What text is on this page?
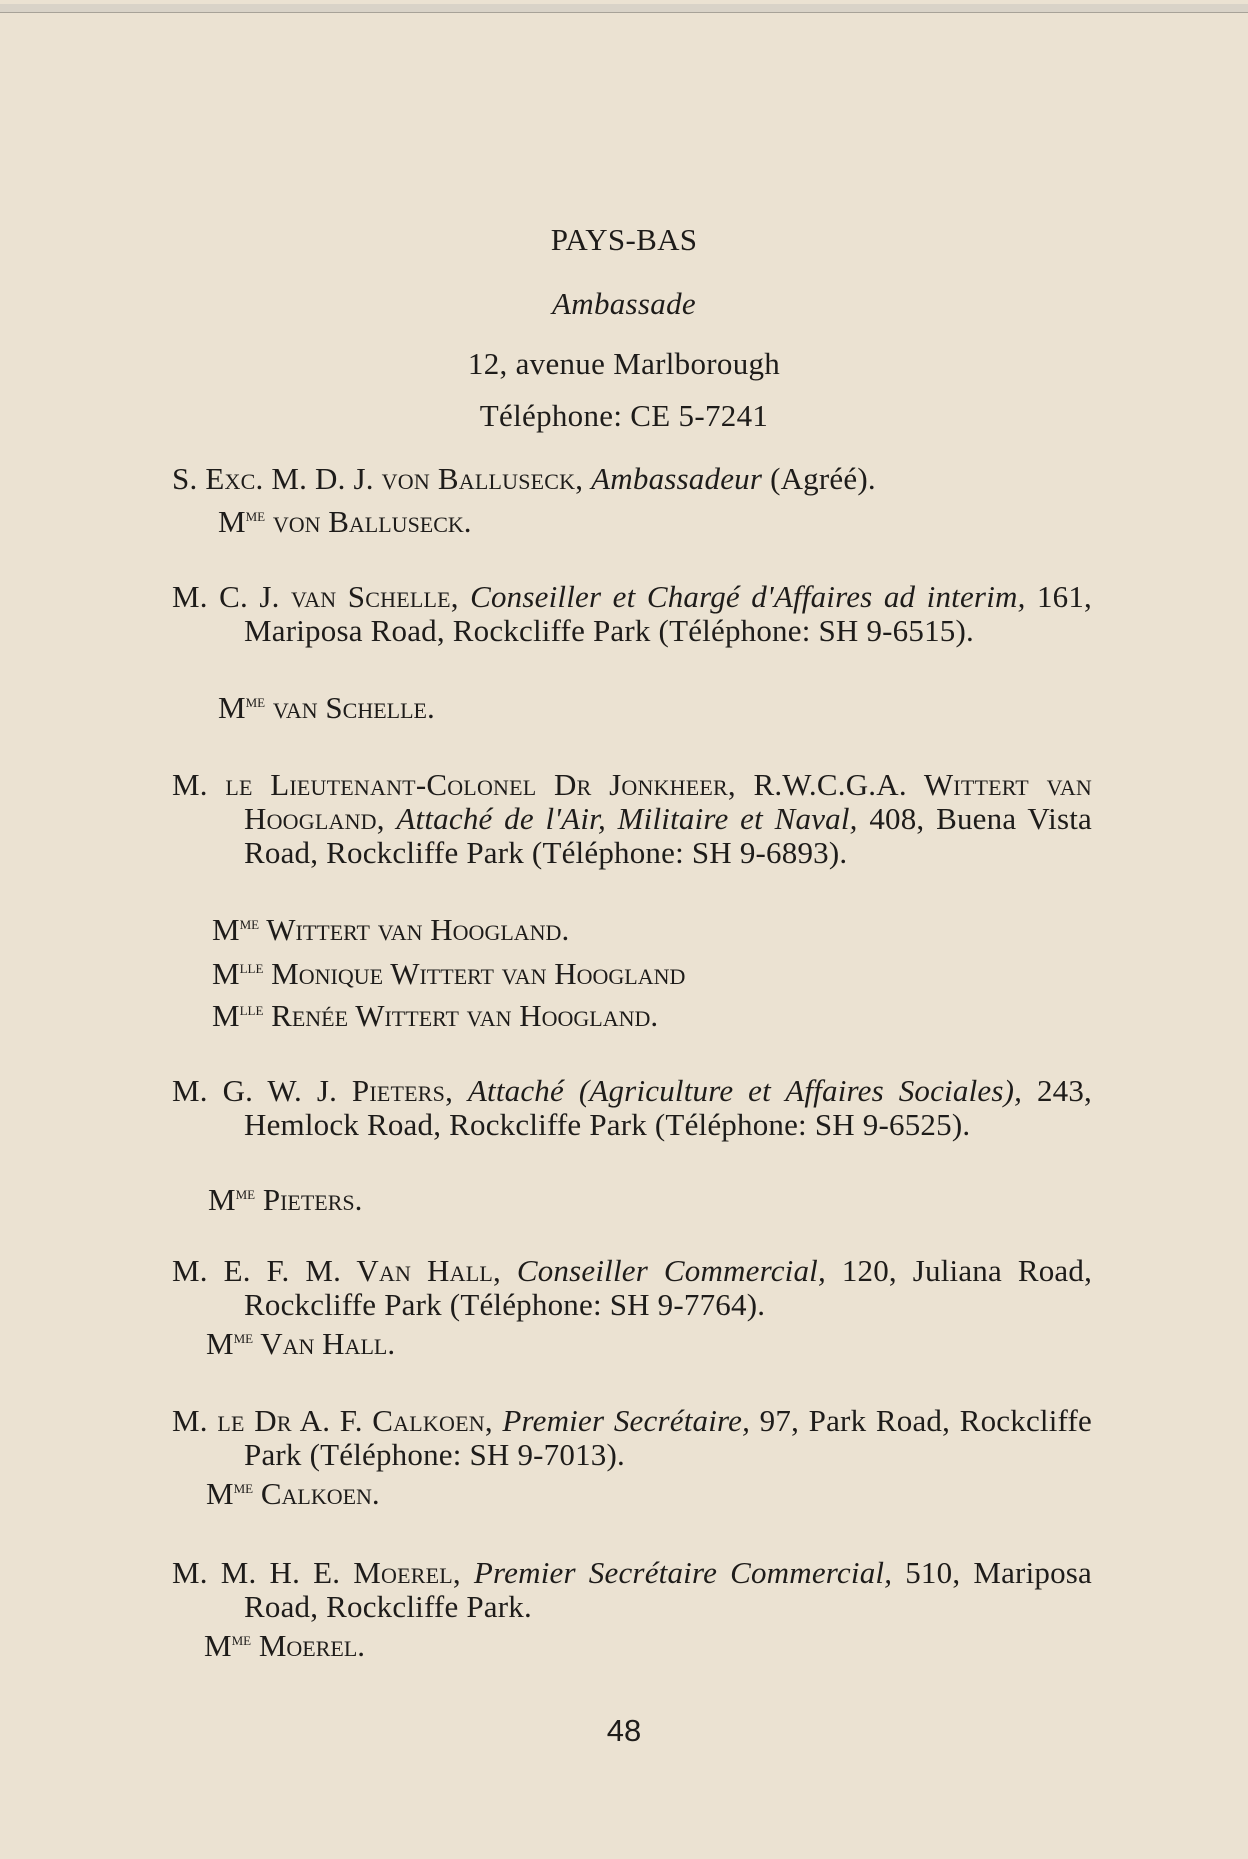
PAYS-BAS
Ambassade
12, avenue Marlborough
Téléphone: CE 5-7241

S. Exc. M. D. J. von Balluseck, Ambassadeur (Agréé).

$M^{me}$ von Balluseck.

M. C. J. van Schelle, Conseiller et Chargé d'Affaires ad interim, 161, Mariposa Road, Rockcliffe Park (Téléphone: SH 9-6515).

$M^{me}$ van Schelle.

M. le Lieutenant-Colonel Dr Jonkheer, R.W.C.G.A. Wittert van Hoogland, Attaché de l'Air, Militaire et Naval, 408, Buena Vista Road, Rockcliffe Park (Téléphone: SH 9-6893).

$M^{me}$ Wittert van Hoogland.
$M^{lle}$ Monique Wittert van Hoogland
$M^{lle}$ Renée Wittert van Hoogland.

M. G. W. J. Pieters, Attaché (Agriculture et Affaires Sociales), 243, Hemlock Road, Rockcliffe Park (Téléphone: SH 9-6525).

$M^{me}$ Pieters.

M. E. F. M. Van Hall, Conseiller Commercial, 120, Juliana Road, Rockcliffe Park (Téléphone: SH 9-7764).

$M^{me}$ Van Hall.

M. le Dr A. F. Calkoen, Premier Secrétaire, 97, Park Road, Rockcliffe Park (Téléphone: SH 9-7013).

$M^{me}$ Calkoen.

M. M. H. E. Moerel, Premier Secrétaire Commercial, 510, Mariposa Road, Rockcliffe Park.

$M^{me}$ Moerel.
48
